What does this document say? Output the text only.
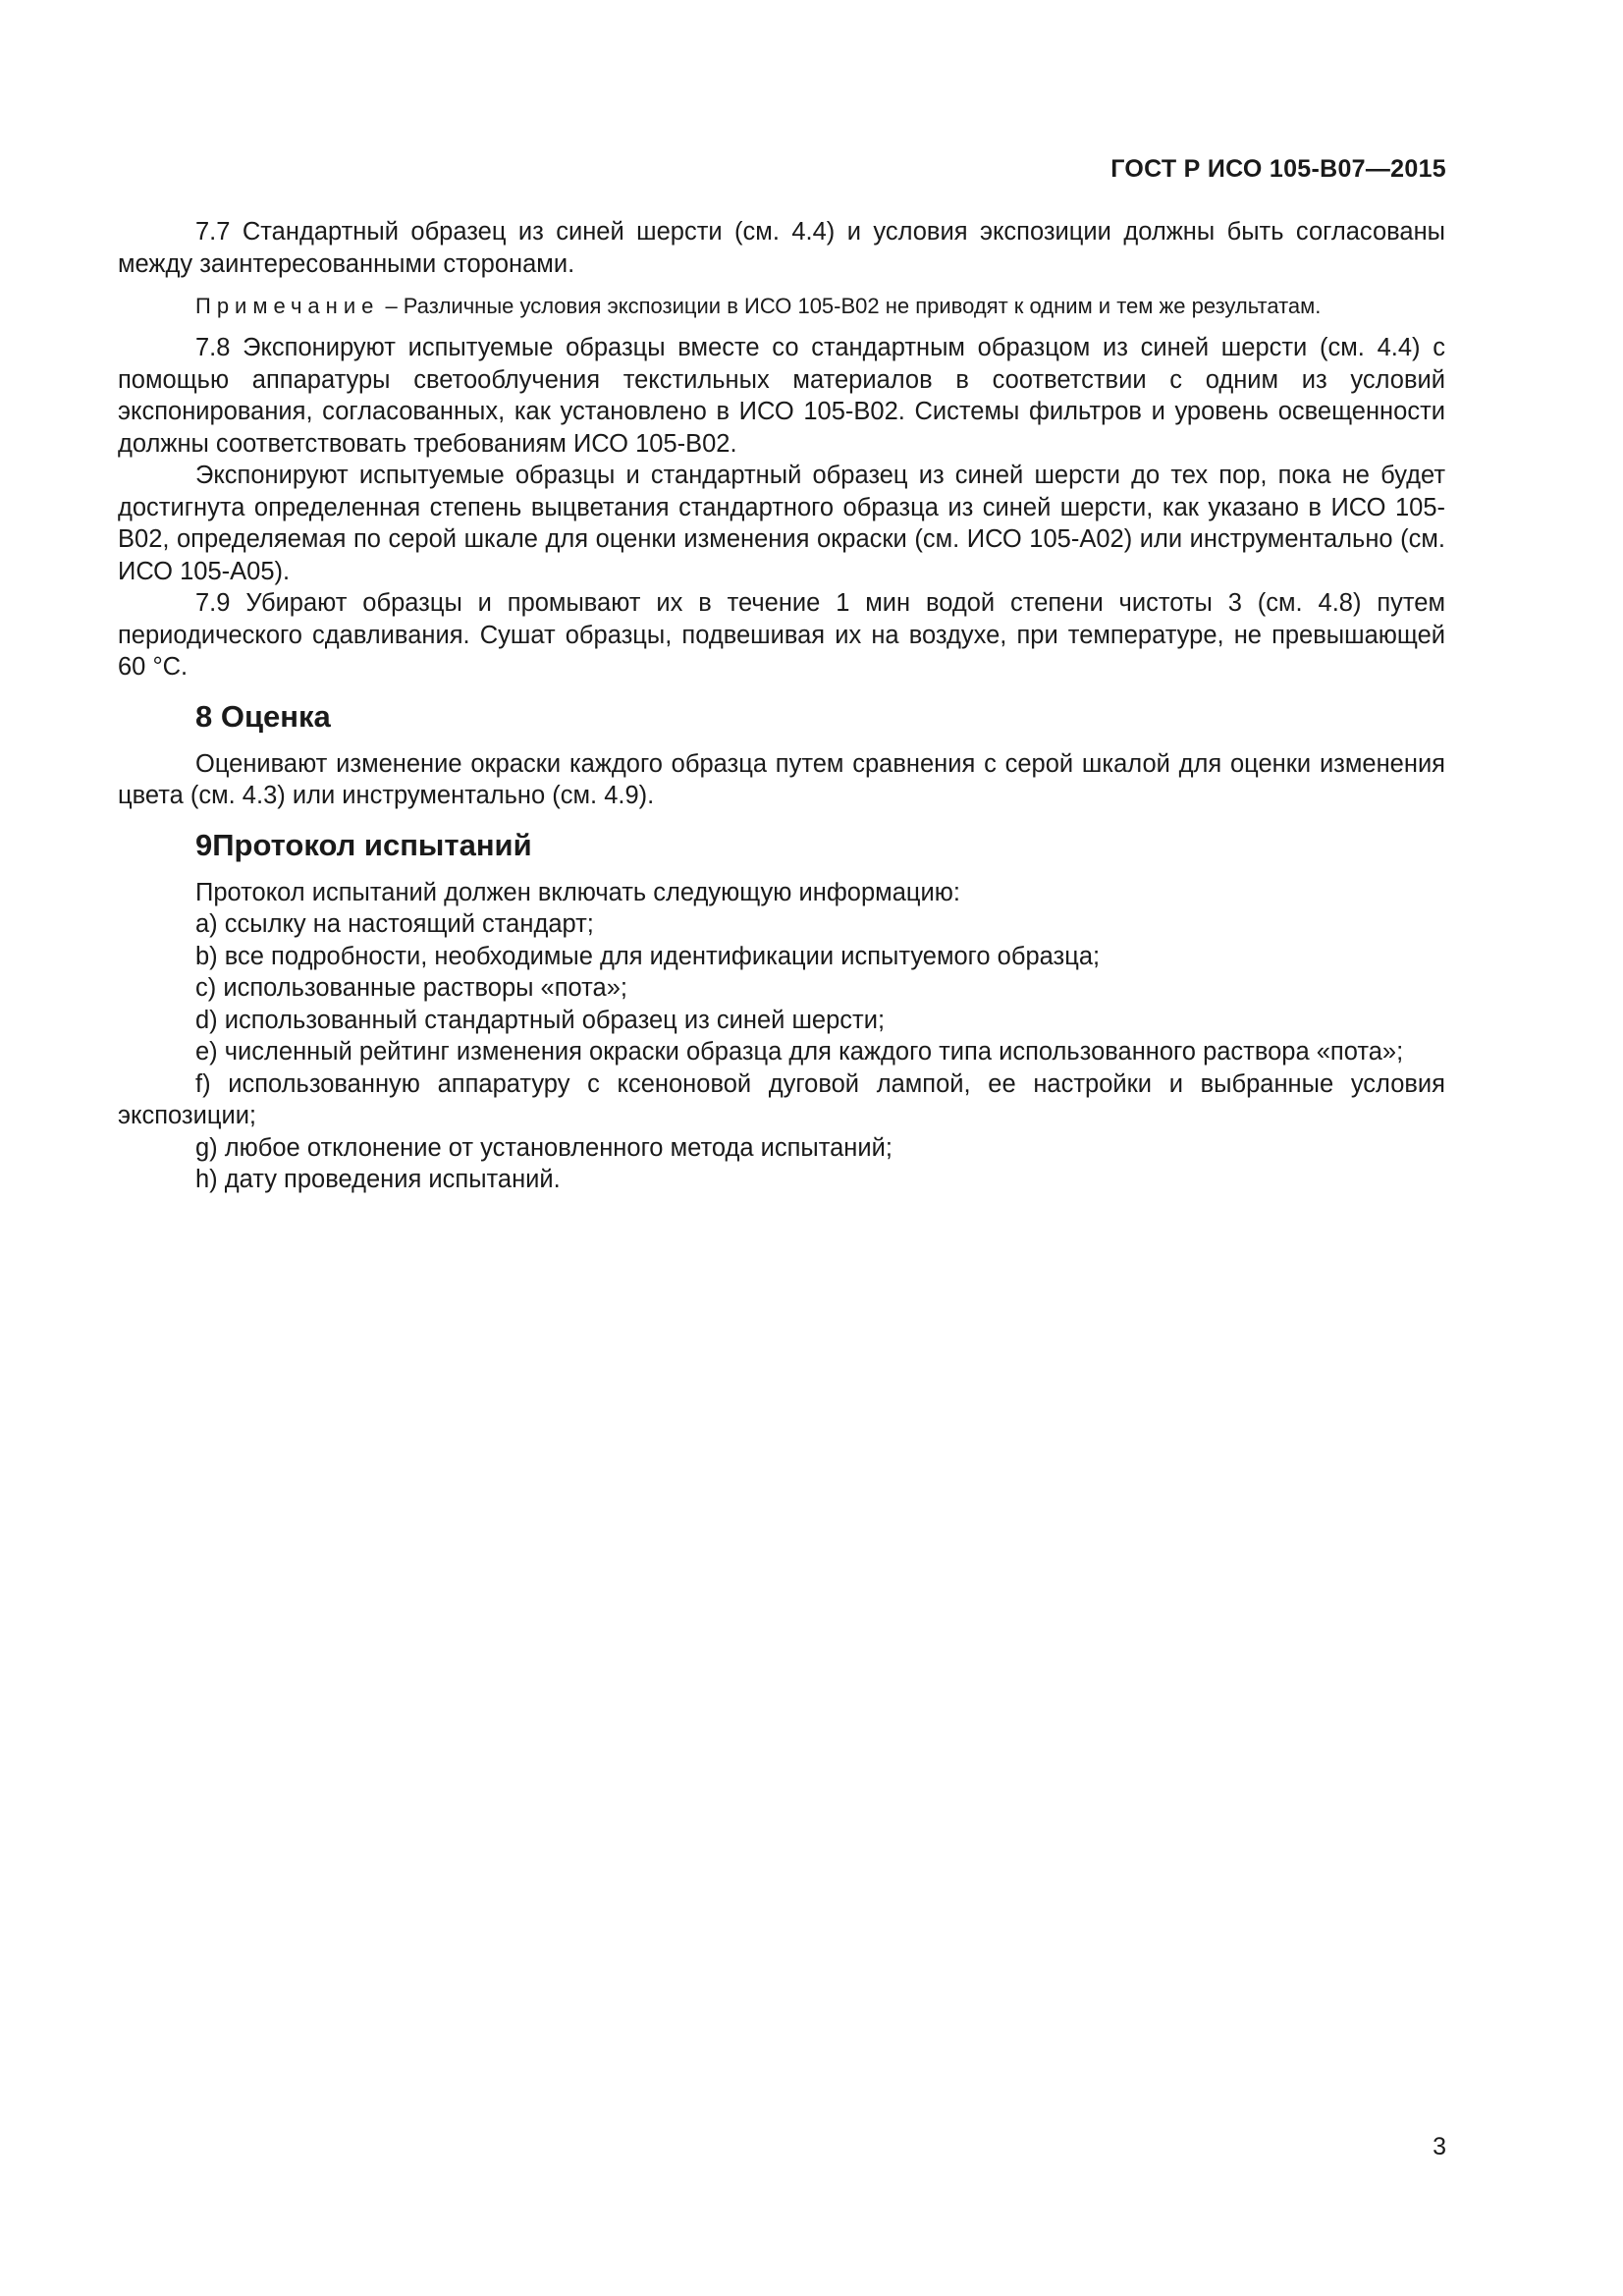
ГОСТ Р ИСО 105-B07—2015

7.7 Стандартный образец из синей шерсти (см. 4.4) и условия экспозиции должны быть согласованы между заинтересованными сторонами.

Примечание – Различные условия экспозиции в ИСО 105-B02 не приводят к одним и тем же результатам.

7.8 Экспонируют испытуемые образцы вместе со стандартным образцом из синей шерсти (см. 4.4) с помощью аппаратуры светооблучения текстильных материалов в соответствии с одним из условий экспонирования, согласованных, как установлено в ИСО 105-B02. Системы фильтров и уровень освещенности должны соответствовать требованиям ИСО 105-B02.

Экспонируют испытуемые образцы и стандартный образец из синей шерсти до тех пор, пока не будет достигнута определенная степень выцветания стандартного образца из синей шерсти, как указано в ИСО 105-B02, определяемая по серой шкале для оценки изменения окраски (см. ИСО 105-A02) или инструментально (см. ИСО 105-A05).

7.9 Убирают образцы и промывают их в течение 1 мин водой степени чистоты 3 (см. 4.8) путем периодического сдавливания. Сушат образцы, подвешивая их на воздухе, при температуре, не превышающей 60 °С.

8 Оценка

Оценивают изменение окраски каждого образца путем сравнения с серой шкалой для оценки изменения цвета (см. 4.3) или инструментально (см. 4.9).

9Протокол испытаний

Протокол испытаний должен включать следующую информацию:

a) ссылку на настоящий стандарт;

b) все подробности, необходимые для идентификации испытуемого образца;

c) использованные растворы «пота»;

d) использованный стандартный образец из синей шерсти;

e) численный рейтинг изменения окраски образца для каждого типа использованного раствора «пота»;

f) использованную аппаратуру с ксеноновой дуговой лампой, ее настройки и выбранные условия экспозиции;

g) любое отклонение от установленного метода испытаний;

h) дату проведения испытаний.

3
